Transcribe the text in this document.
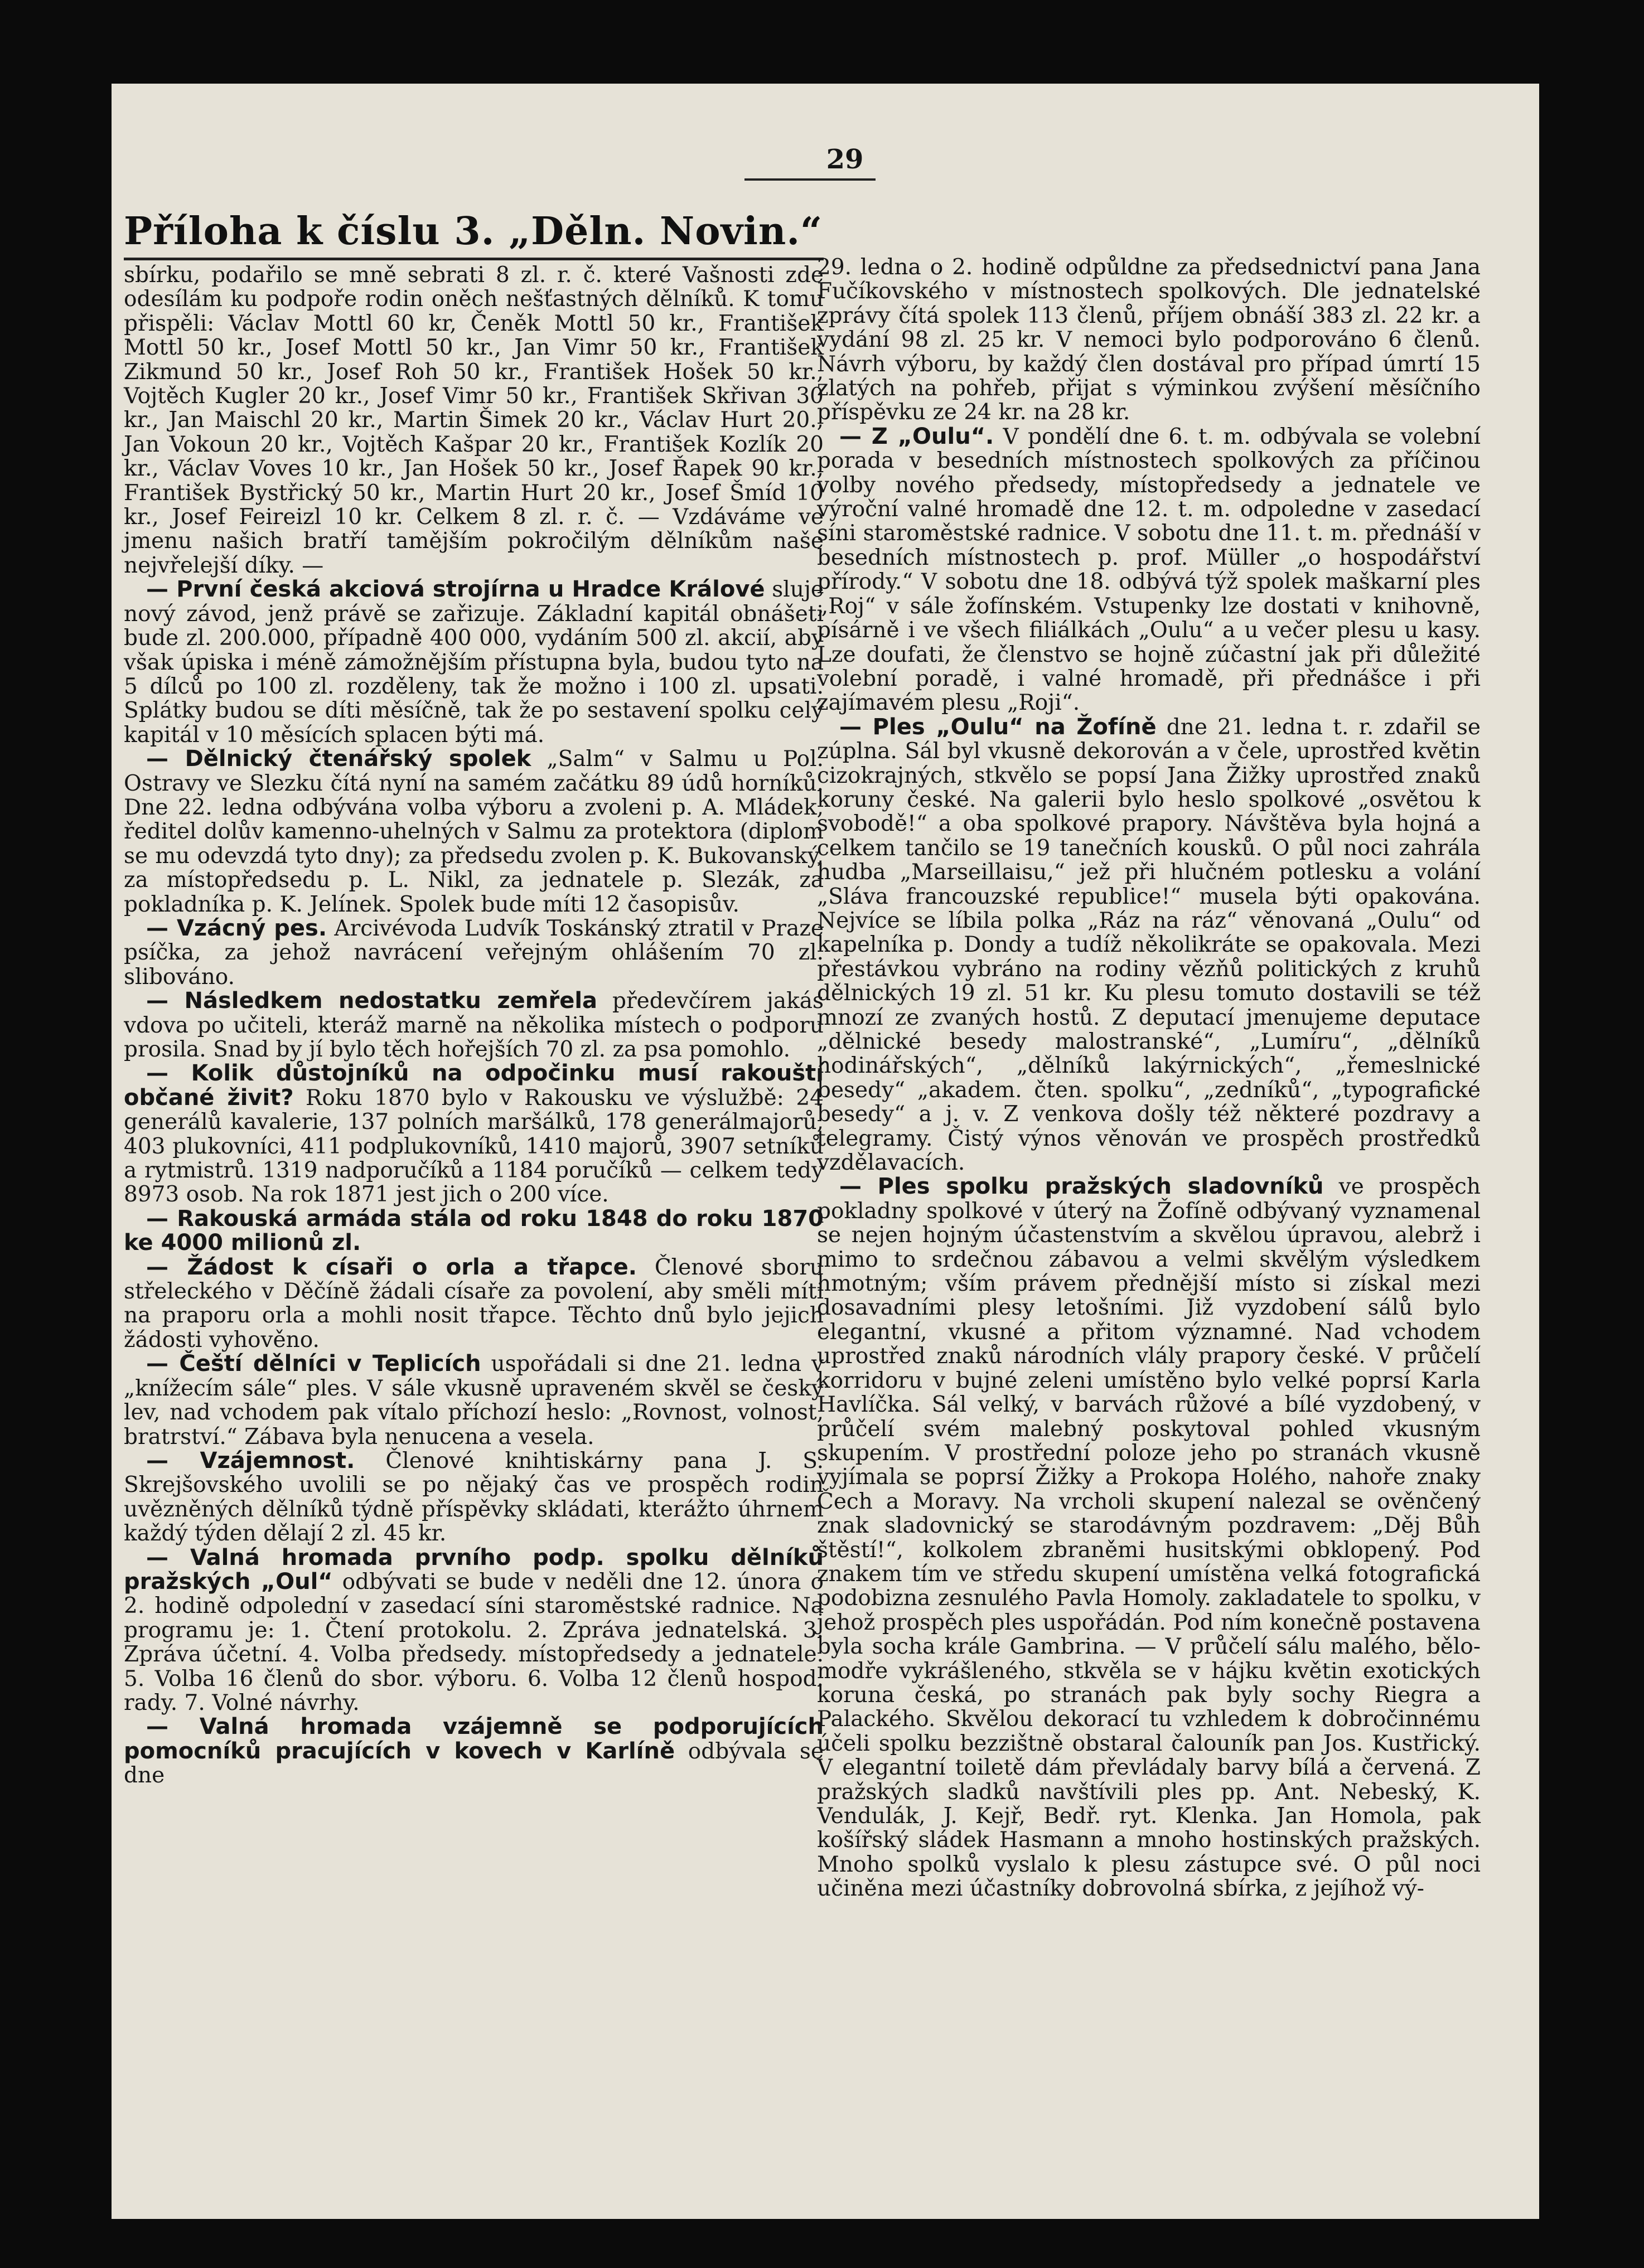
29
Příloha k číslu 3. „Děln. Novin.“

sbírku, podařilo se mně sebrati 8 zl. r. č. které Vašnosti zde odesílám ku podpoře rodin oněch nešťastných dělníků. K tomu přispěli: Václav Mottl 60 kr, Čeněk Mottl 50 kr., František Mottl 50 kr., Josef Mottl 50 kr., Jan Vimr 50 kr., František Zikmund 50 kr., Josef Roh 50 kr., František Hošek 50 kr., Vojtěch Kugler 20 kr., Josef Vimr 50 kr., František Skřivan 30 kr., Jan Maischl 20 kr., Martin Šimek 20 kr., Václav Hurt 20., Jan Vokoun 20 kr., Vojtěch Kašpar 20 kr., František Kozlík 20 kr., Václav Voves 10 kr., Jan Hošek 50 kr., Josef Řapek 90 kr., František Bystřický 50 kr., Martin Hurt 20 kr., Josef Šmíd 10 kr., Josef Feireizl 10 kr. Celkem 8 zl. r. č. — Vzdáváme ve jmenu našich bratří tamějším pokročilým dělníkům naše nejvřelejší díky. —

— První česká akciová strojírna u Hradce Králové sluje nový závod, jenž právě se zařizuje. Základní kapitál obnášeti bude zl. 200.000, případně 400 000, vydáním 500 zl. akcií, aby však úpiska i méně zámožnějším přístupna byla, budou tyto na 5 dílců po 100 zl. rozděleny, tak že možno i 100 zl. upsati. Splátky budou se díti měsíčně, tak že po sestavení spolku celý kapitál v 10 měsících splacen býti má.

— Dělnický čtenářský spolek „Salm“ v Salmu u Pol. Ostravy ve Slezku čítá nyní na samém začátku 89 údů horníků. Dne 22. ledna odbývána volba výboru a zvoleni p. A. Mládek, ředitel dolův kamenno-uhelných v Salmu za protektora (diplom se mu odevzdá tyto dny); za předsedu zvolen p. K. Bukovanský, za místopředsedu p. L. Nikl, za jednatele p. Slezák, za pokladníka p. K. Jelínek. Spolek bude míti 12 časopisův.

— Vzácný pes. Arcivévoda Ludvík Toskánský ztratil v Praze psíčka, za jehož navrácení veřejným ohlášením 70 zl. slibováno.

— Následkem nedostatku zemřela předevčírem jakás vdova po učiteli, kteráž marně na několika místech o podporu prosila. Snad by jí bylo těch hořejších 70 zl. za psa pomohlo.

— Kolik důstojníků na odpočinku musí rakouští občané živit? Roku 1870 bylo v Rakousku ve výslužbě: 24 generálů kavalerie, 137 polních maršálků, 178 generálmajorů, 403 plukovníci, 411 podplukovníků, 1410 majorů, 3907 setníků a rytmistrů. 1319 nadporučíků a 1184 poručíků — celkem tedy 8973 osob. Na rok 1871 jest jich o 200 více.

— Rakouská armáda stála od roku 1848 do roku 1870 ke 4000 milionů zl.

— Žádost k císaři o orla a třapce. Členové sboru střeleckého v Děčíně žádali císaře za povolení, aby směli míti na praporu orla a mohli nosit třapce. Těchto dnů bylo jejich žádosti vyhověno.

— Čeští dělníci v Teplicích uspořádali si dne 21. ledna v „knížecím sále“ ples. V sále vkusně upraveném skvěl se český lev, nad vchodem pak vítalo příchozí heslo: „Rovnost, volnost, bratrství.“ Zábava byla nenucena a vesela.

— Vzájemnost. Členové knihtiskárny pana J. S. Skrejšovského uvolili se po nějaký čas ve prospěch rodin uvězněných dělníků týdně příspěvky skládati, kterážto úhrnem každý týden dělají 2 zl. 45 kr.

— Valná hromada prvního podp. spolku dělníků pražských „Oul“ odbývati se bude v neděli dne 12. února o 2. hodině odpolední v zasedací síni staroměstské radnice. Na programu je: 1. Čtení protokolu. 2. Zpráva jednatelská. 3. Zpráva účetní. 4. Volba předsedy. místopředsedy a jednatele. 5. Volba 16 členů do sbor. výboru. 6. Volba 12 členů hospod. rady. 7. Volné návrhy.

— Valná hromada vzájemně se podporujících pomocníků pracujících v kovech v Karlíně odbývala se dne

29. ledna o 2. hodině odpůldne za předsednictví pana Jana Fučíkovského v místnostech spolkových. Dle jednatelské zprávy čítá spolek 113 členů, příjem obnáší 383 zl. 22 kr. a vydání 98 zl. 25 kr. V nemoci bylo podporováno 6 členů. Návrh výboru, by každý člen dostával pro případ úmrtí 15 zlatých na pohřeb, přijat s výminkou zvýšení měsíčního příspěvku ze 24 kr. na 28 kr.

— Z „Oulu“. V pondělí dne 6. t. m. odbývala se volební porada v besedních místnostech spolkových za příčinou volby nového předsedy, místopředsedy a jednatele ve výroční valné hromadě dne 12. t. m. odpoledne v zasedací síni staroměstské radnice. V sobotu dne 11. t. m. přednáší v besedních místnostech p. prof. Müller „o hospodářství přírody.“ V sobotu dne 18. odbývá týž spolek maškarní ples „Roj“ v sále žofínském. Vstupenky lze dostati v knihovně, písárně i ve všech filiálkách „Oulu“ a u večer plesu u kasy. Lze doufati, že členstvo se hojně zúčastní jak při důležité volební poradě, i valné hromadě, při přednášce i při zajímavém plesu „Roji“.

— Ples „Oulu“ na Žofíně dne 21. ledna t. r. zdařil se zúplna. Sál byl vkusně dekorován a v čele, uprostřed květin cizokrajných, stkvělo se popsí Jana Žižky uprostřed znaků koruny české. Na galerii bylo heslo spolkové „osvětou k svobodě!“ a oba spolkové prapory. Návštěva byla hojná a celkem tančilo se 19 tanečních kousků. O půl noci zahrála hudba „Marseillaisu,“ jež při hlučném potlesku a volání „Sláva francouzské republice!“ musela býti opakována. Nejvíce se líbila polka „Ráz na ráz“ věnovaná „Oulu“ od kapelníka p. Dondy a tudíž několikráte se opakovala. Mezi přestávkou vybráno na rodiny vězňů politických z kruhů dělnických 19 zl. 51 kr. Ku plesu tomuto dostavili se též mnozí ze zvaných hostů. Z deputací jmenujeme deputace „dělnické besedy malostranské“, „Lumíru“, „dělníků hodinářských“, „dělníků lakýrnických“, „řemeslnické besedy“ „akadem. čten. spolku“, „zedníků“, „typografické besedy“ a j. v. Z venkova došly též některé pozdravy a telegramy. Čistý výnos věnován ve prospěch prostředků vzdělavacích.

— Ples spolku pražských sladovníků ve prospěch pokladny spolkové v úterý na Žofíně odbývaný vyznamenal se nejen hojným účastenstvím a skvělou úpravou, alebrž i mimo to srdečnou zábavou a velmi skvělým výsledkem hmotným; vším právem přednější místo si získal mezi dosavadními plesy letošními. Již vyzdobení sálů bylo elegantní, vkusné a přitom významné. Nad vchodem uprostřed znaků národních vlály prapory české. V průčelí korridoru v bujné zeleni umístěno bylo velké poprsí Karla Havlíčka. Sál velký, v barvách růžové a bílé vyzdobený, v průčelí svém malebný poskytoval pohled vkusným skupením. V prostřední poloze jeho po stranách vkusně vyjímala se poprsí Žižky a Prokopa Holého, nahoře znaky Čech a Moravy. Na vrcholi skupení nalezal se ověnčený znak sladovnický se starodávným pozdravem: „Děj Bůh štěstí!“, kolkolem zbraněmi husitskými obklopený. Pod znakem tím ve středu skupení umístěna velká fotografická podobizna zesnulého Pavla Homoly. zakladatele to spolku, v jehož prospěch ples uspořádán. Pod ním konečně postavena byla socha krále Gambrina. — V průčelí sálu malého, bělo-modře vykrášleného, stkvěla se v hájku květin exotických koruna česká, po stranách pak byly sochy Riegra a Palackého. Skvělou dekorací tu vzhledem k dobročinnému účeli spolku bezzištně obstaral čalouník pan Jos. Kustřický. V elegantní toiletě dám převládaly barvy bílá a červená. Z pražských sladků navštívili ples pp. Ant. Nebeský, K. Vendulák, J. Kejř, Bedř. ryt. Klenka. Jan Homola, pak košířský sládek Hasmann a mnoho hostinských pražských. Mnoho spolků vyslalo k plesu zástupce své. O půl noci učiněna mezi účastníky dobrovolná sbírka, z jejíhož vý-
